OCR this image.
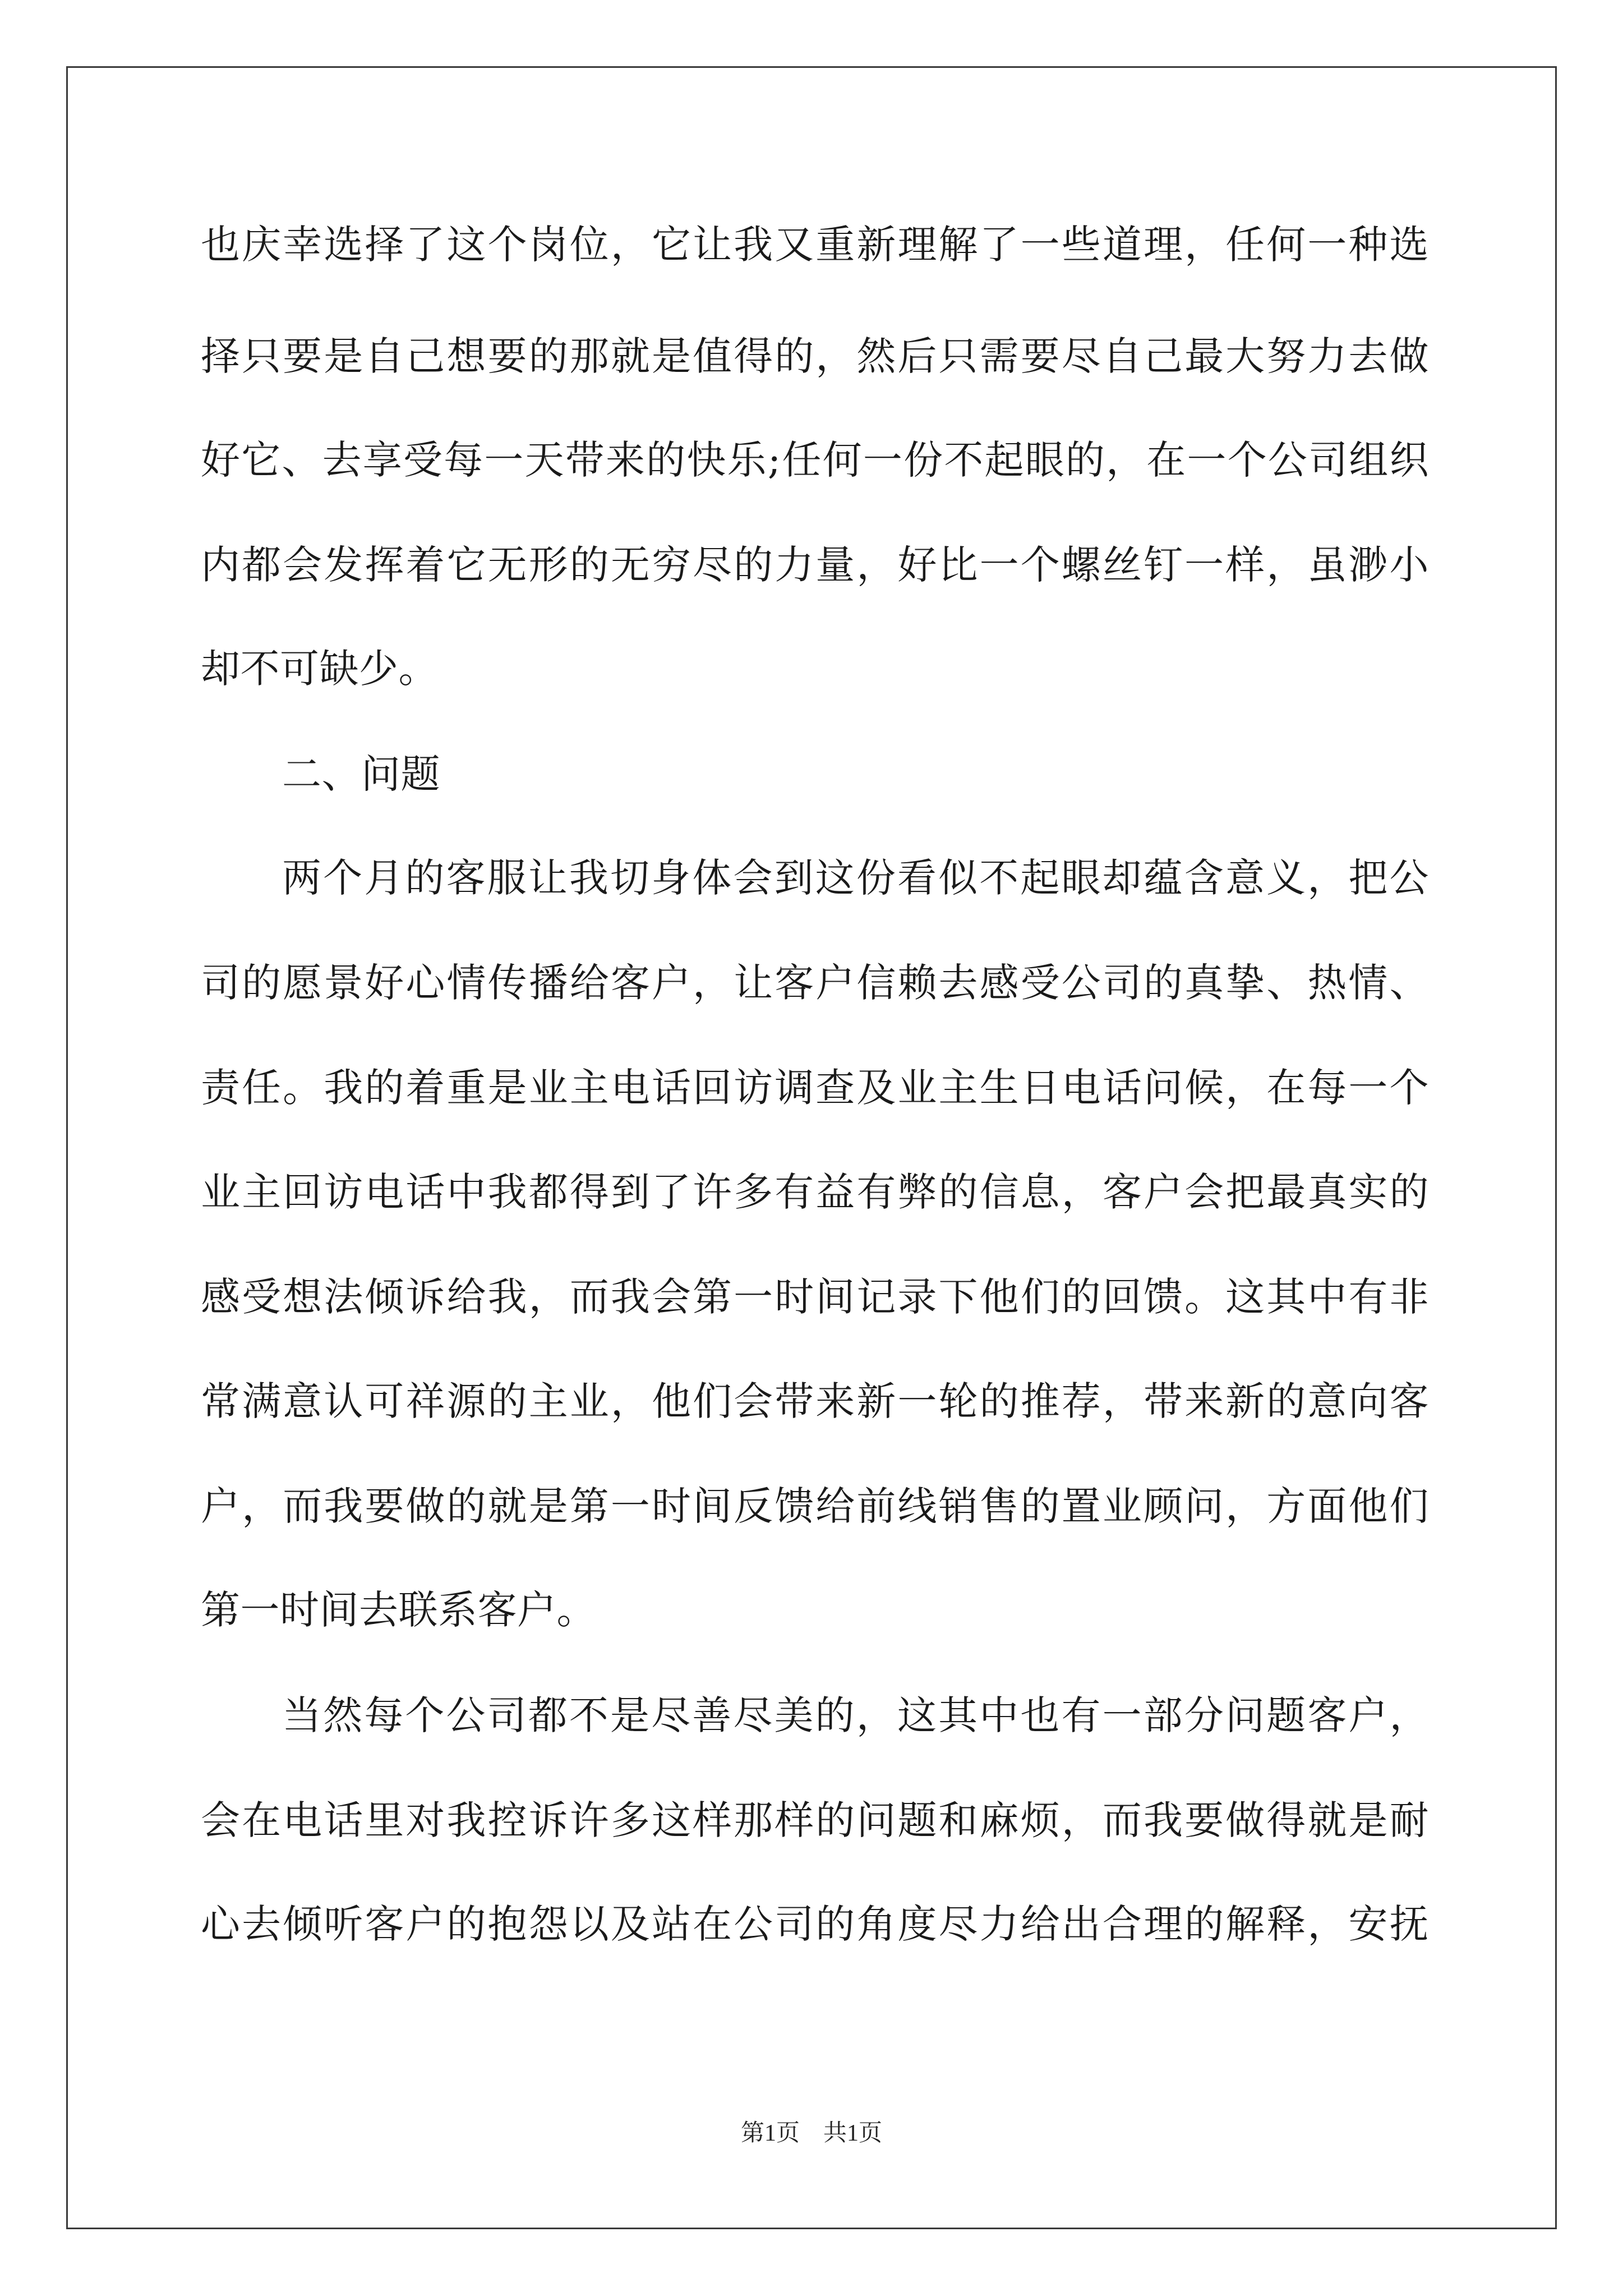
也庆幸选择了这个岗位，它让我又重新理解了一些道理，任何一种选
择只要是自己想要的那就是值得的，然后只需要尽自己最大努力去做
好它、去享受每一天带来的快乐;任何一份不起眼的，在一个公司组织
内都会发挥着它无形的无穷尽的力量，好比一个螺丝钉一样，虽渺小
却不可缺少。
二、问题
两个月的客服让我切身体会到这份看似不起眼却蕴含意义，把公
司的愿景好心情传播给客户，让客户信赖去感受公司的真挚、热情、
责任。我的着重是业主电话回访调查及业主生日电话问候，在每一个
业主回访电话中我都得到了许多有益有弊的信息，客户会把最真实的
感受想法倾诉给我，而我会第一时间记录下他们的回馈。这其中有非
常满意认可祥源的主业，他们会带来新一轮的推荐，带来新的意向客
户，而我要做的就是第一时间反馈给前线销售的置业顾问，方面他们
第一时间去联系客户。
当然每个公司都不是尽善尽美的，这其中也有一部分问题客户，
会在电话里对我控诉许多这样那样的问题和麻烦，而我要做得就是耐
心去倾听客户的抱怨以及站在公司的角度尽力给出合理的解释，安抚
第1页　共1页
